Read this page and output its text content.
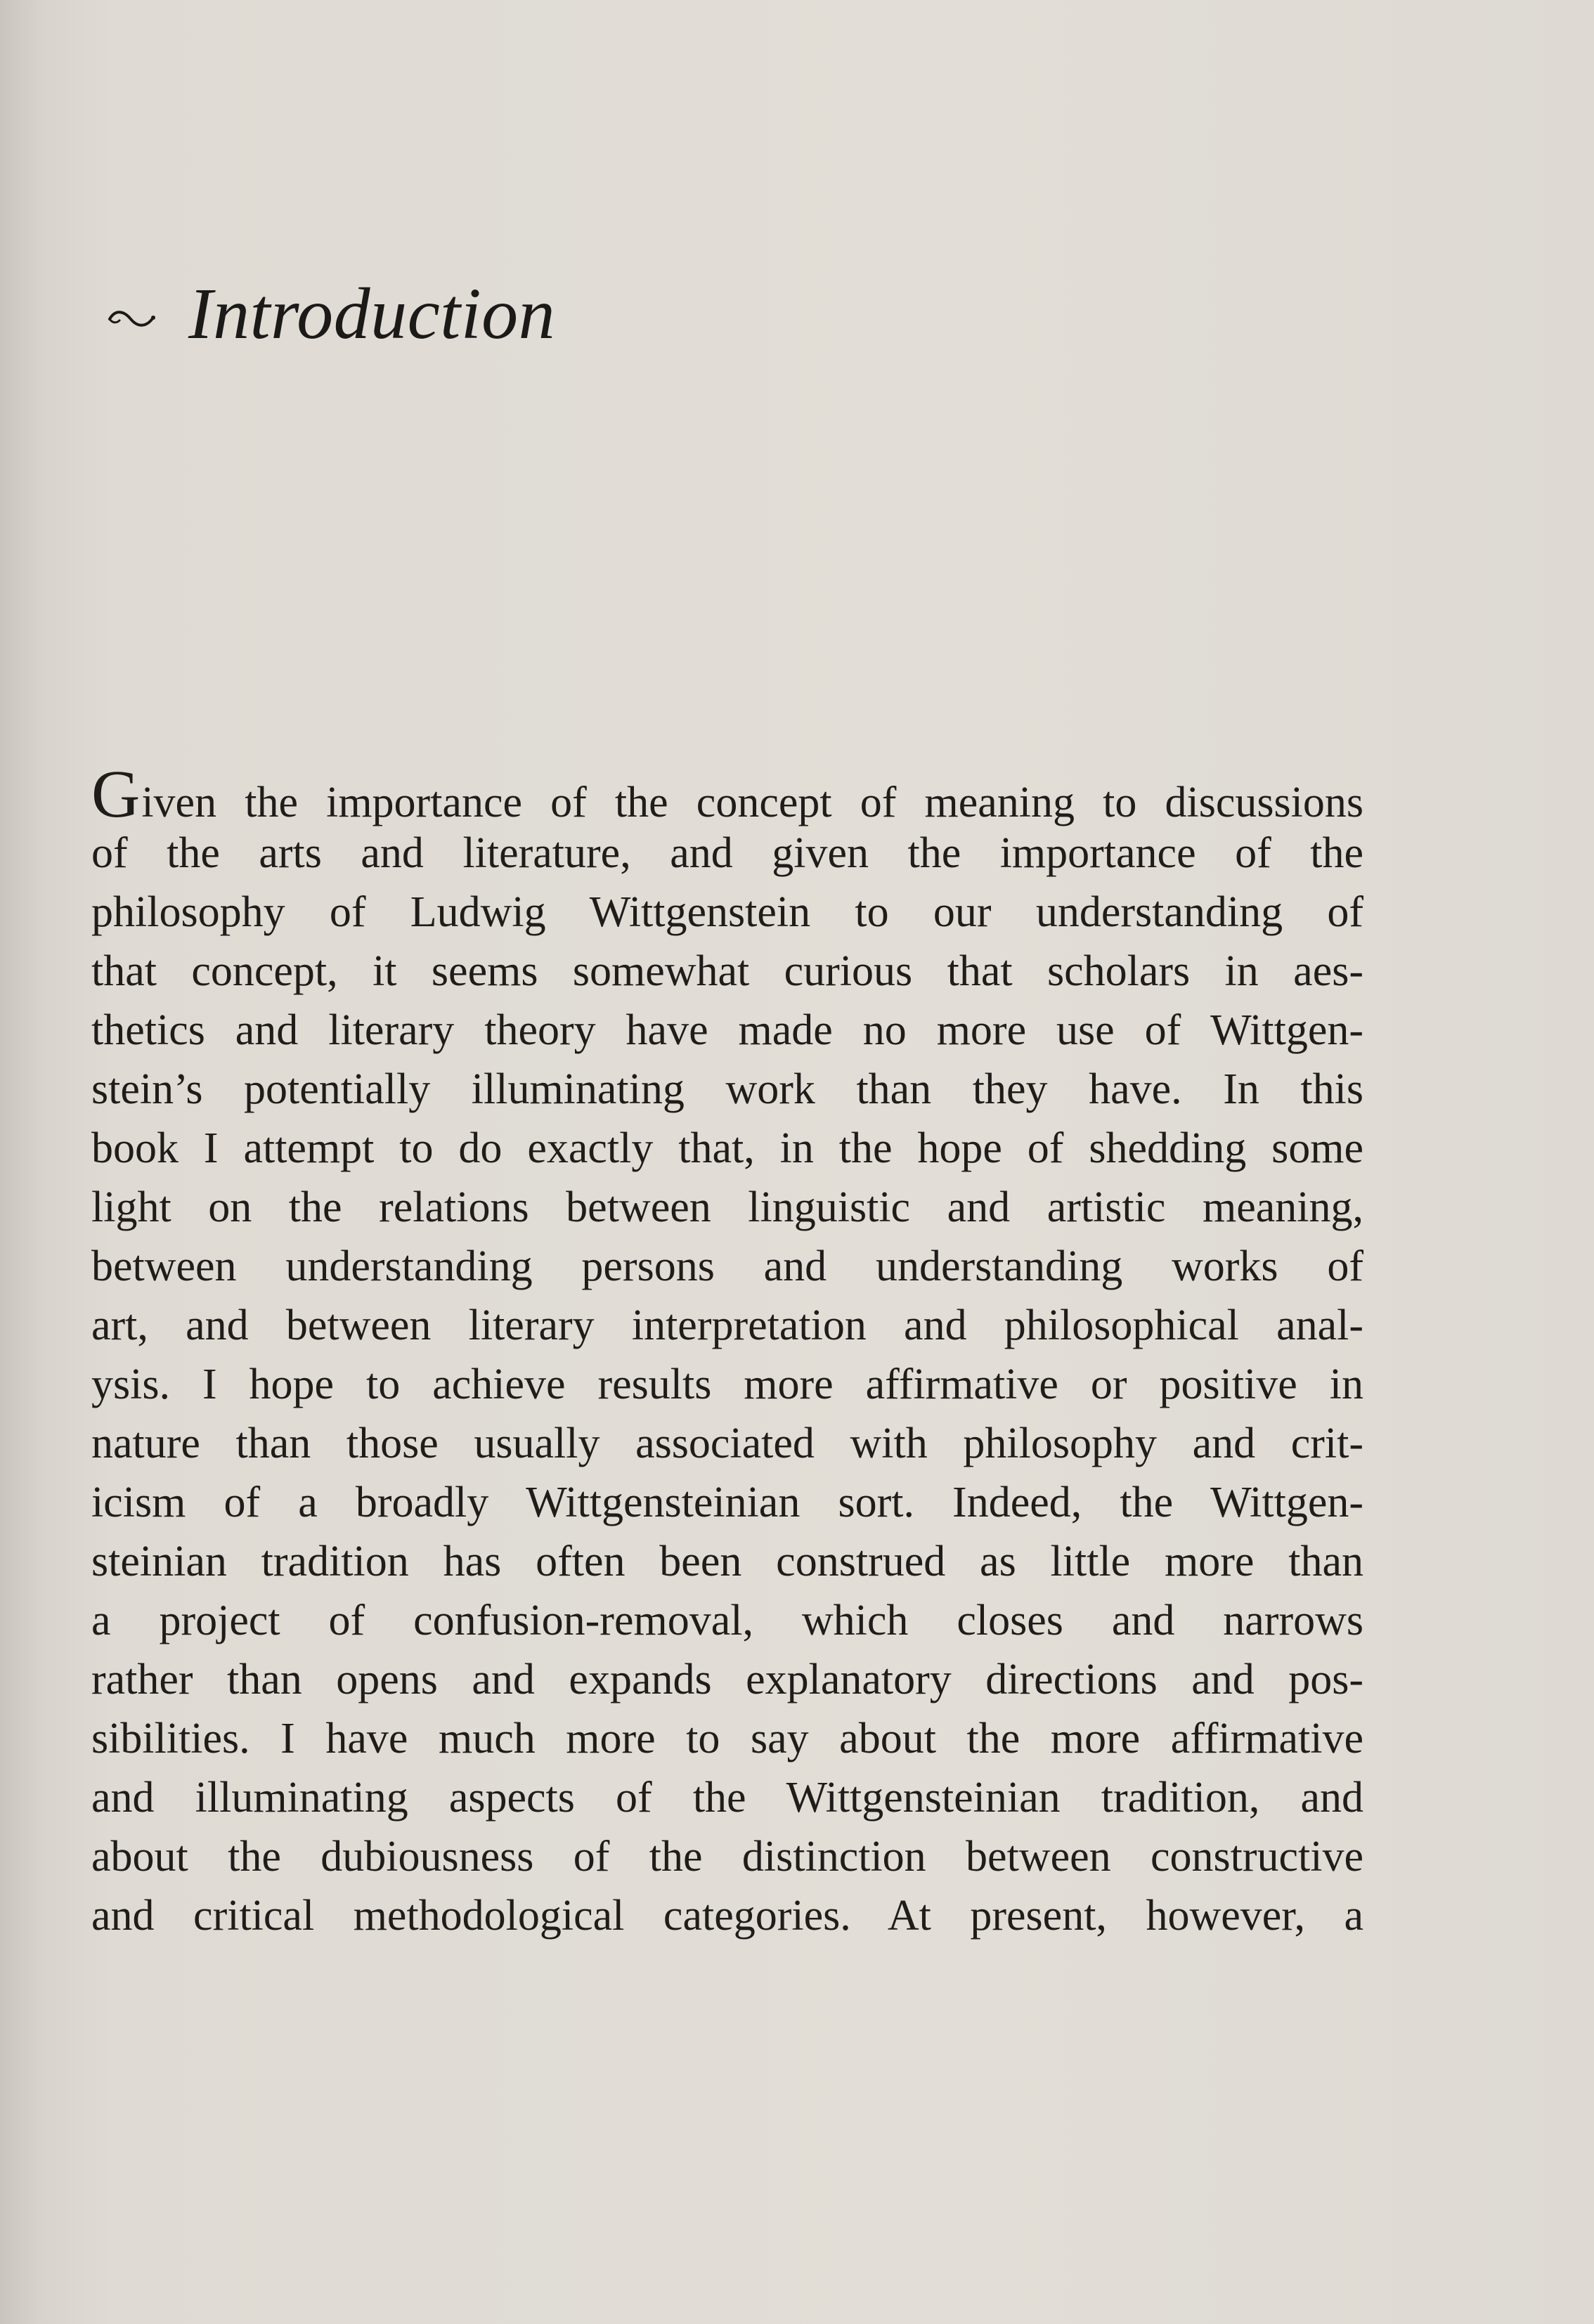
Introduction
Given the importance of the concept of meaning to discussions
of the arts and literature, and given the importance of the
philosophy of Ludwig Wittgenstein to our understanding of
that concept, it seems somewhat curious that scholars in aes-
thetics and literary theory have made no more use of Wittgen-
stein’s potentially illuminating work than they have. In this
book I attempt to do exactly that, in the hope of shedding some
light on the relations between linguistic and artistic meaning,
between understanding persons and understanding works of
art, and between literary interpretation and philosophical anal-
ysis. I hope to achieve results more affirmative or positive in
nature than those usually associated with philosophy and crit-
icism of a broadly Wittgensteinian sort. Indeed, the Wittgen-
steinian tradition has often been construed as little more than
a project of confusion-removal, which closes and narrows
rather than opens and expands explanatory directions and pos-
sibilities. I have much more to say about the more affirmative
and illuminating aspects of the Wittgensteinian tradition, and
about the dubiousness of the distinction between constructive
and critical methodological categories. At present, however, a
